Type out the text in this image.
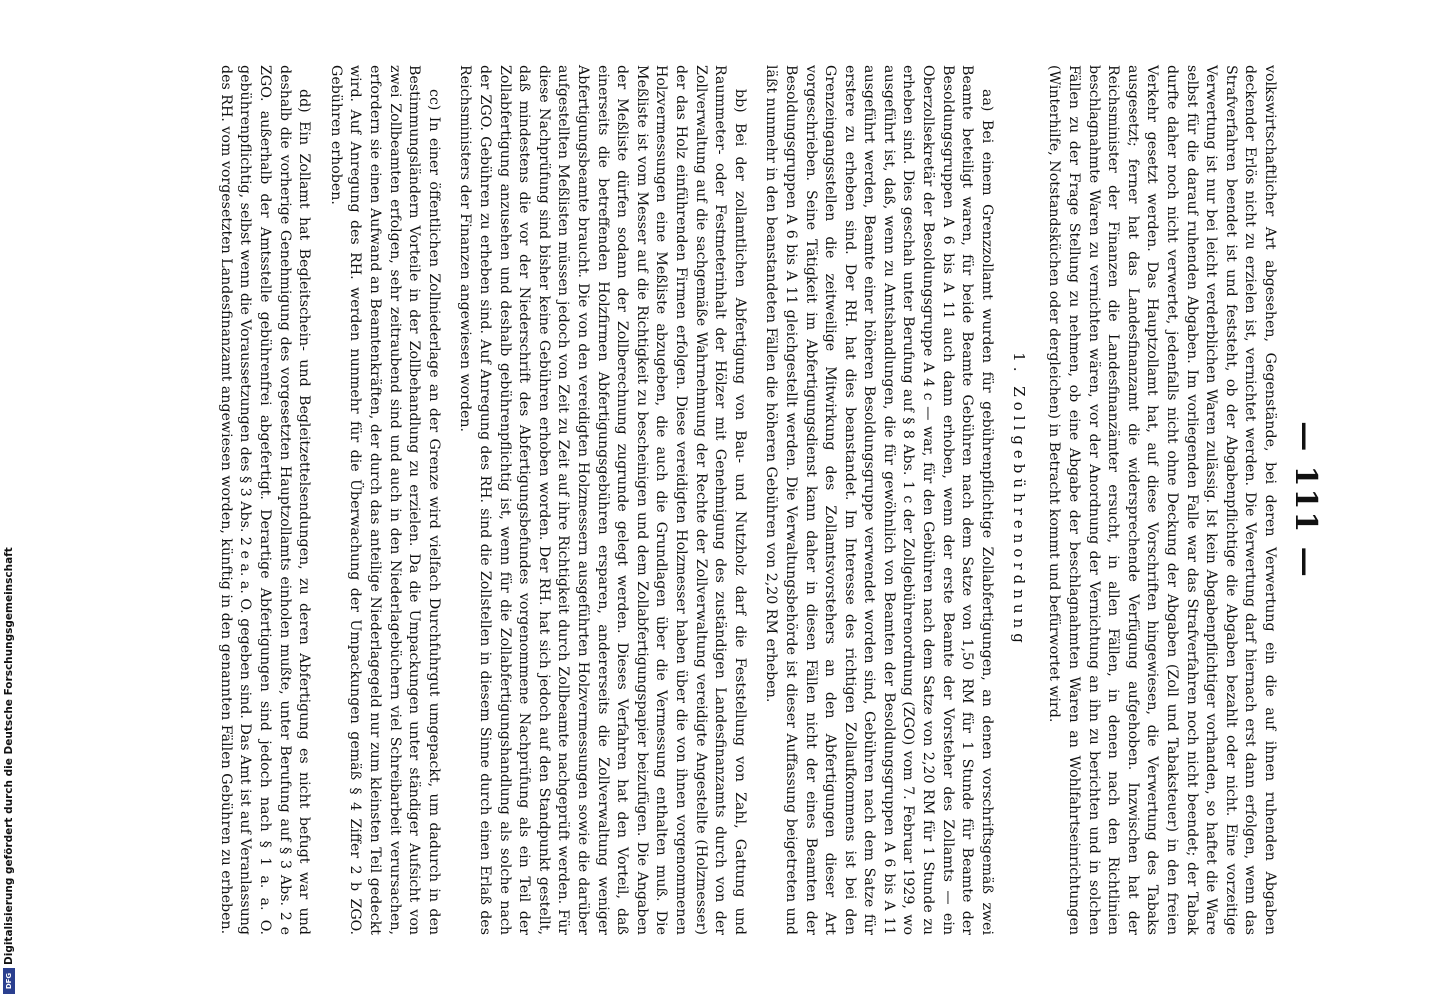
— 111 —

volkswirtschaftlicher Art abgesehen, Gegenstände, bei deren Verwertung ein die auf ihnen ruhenden Abgaben deckender Erlös nicht zu erzielen ist, vernichtet werden. Die Verwertung darf hiernach erst dann erfolgen, wenn das Strafverfahren beendet ist und feststeht, ob der Abgabenpflichtige die Abgaben bezahlt oder nicht. Eine vorzeitige Verwertung ist nur bei leicht verderblichen Waren zulässig. Ist kein Abgabenpflichtiger vorhanden, so haftet die Ware selbst für die darauf ruhenden Abgaben. Im vorliegenden Falle war das Strafverfahren noch nicht beendet; der Tabak durfte daher noch nicht verwertet, jedenfalls nicht ohne Deckung der Abgaben (Zoll und Tabaksteuer) in den freien Verkehr gesetzt werden. Das Hauptzollamt hat, auf diese Vorschriften hingewiesen, die Verwertung des Tabaks ausgesetzt; ferner hat das Landesfinanzamt die widersprechende Verfügung aufgehoben. Inzwischen hat der Reichsminister der Finanzen die Landesfinanzämter ersucht, in allen Fällen, in denen nach den Richtlinien beschlagnahmte Waren zu vernichten wären, vor der Anordnung der Vernichtung an ihn zu berichten und in solchen Fällen zu der Frage Stellung zu nehmen, ob eine Abgabe der beschlagnahmten Waren an Wohlfahrtseinrichtungen (Winterhilfe, Notstandsküchen oder dergleichen) in Betracht kommt und befürwortet wird.

1. Zollgebührenordnung

aa) Bei einem Grenzzollamt wurden für gebührenpflichtige Zollabfertigungen, an denen vorschriftsgemäß zwei Beamte beteiligt waren, für beide Beamte Gebühren nach dem Satze von 1,50 RM für 1 Stunde für Beamte der Besoldungsgruppen A 6 bis A 11 auch dann erhoben, wenn der erste Beamte der Vorsteher des Zollamts — ein Oberzollsekretär der Besoldungsgruppe A 4 c — war, für den Gebühren nach dem Satze von 2,20 RM für 1 Stunde zu erheben sind. Dies geschah unter Berufung auf § 8 Abs. 1 c der Zollgebührenordnung (ZGO) vom 7. Februar 1929, wo ausgeführt ist, daß, wenn zu Amtshandlungen, die für gewöhnlich von Beamten der Besoldungsgruppen A 6 bis A 11 ausgeführt werden, Beamte einer höheren Besoldungsgruppe verwendet worden sind, Gebühren nach dem Satze für erstere zu erheben sind. Der RH. hat dies beanstandet. Im Interesse des richtigen Zollaufkommens ist bei den Grenzeingangsstellen die zeitweilige Mitwirkung des Zollamtsvorstehers an den Abfertigungen dieser Art vorgeschrieben. Seine Tätigkeit im Abfertigungsdienst kann daher in diesen Fällen nicht der eines Beamten der Besoldungsgruppen A 6 bis A 11 gleichgestellt werden. Die Verwaltungsbehörde ist dieser Auffassung beigetreten und läßt nunmehr in den beanstandeten Fällen die höheren Gebühren von 2,20 RM erheben.

bb) Bei der zollamtlichen Abfertigung von Bau- und Nutzholz darf die Feststellung von Zahl, Gattung und Raummeter- oder Festmeterinhalt der Hölzer mit Genehmigung des zuständigen Landesfinanzamts durch von der Zollverwaltung auf die sachgemäße Wahrnehmung der Rechte der Zollverwaltung vereidigte Angestellte (Holzmesser) der das Holz einführenden Firmen erfolgen. Diese vereidigten Holzmesser haben über die von ihnen vorgenommenen Holzvermessungen eine Meßliste abzugeben, die auch die Grundlagen über die Vermessung enthalten muß. Die Meßliste ist vom Messer auf die Richtigkeit zu bescheinigen und dem Zollabfertigungspapier beizufügen. Die Angaben der Meßliste dürfen sodann der Zollberechnung zugrunde gelegt werden. Dieses Verfahren hat den Vorteil, daß einerseits die betreffenden Holzfirmen Abfertigungsgebühren ersparen, andererseits die Zollverwaltung weniger Abfertigungsbeamte braucht. Die von den vereidigten Holzmessern ausgeführten Holzvermessungen sowie die darüber aufgestellten Meßlisten müssen jedoch von Zeit zu Zeit auf ihre Richtigkeit durch Zollbeamte nachgeprüft werden. Für diese Nachprüfung sind bisher keine Gebühren erhoben worden. Der RH. hat sich jedoch auf den Standpunkt gestellt, daß mindestens die vor der Niederschrift des Abfertigungsbefundes vorgenommene Nachprüfung als ein Teil der Zollabfertigung anzusehen und deshalb gebührenpflichtig ist, wenn für die Zollabfertigungshandlung als solche nach der ZGO. Gebühren zu erheben sind. Auf Anregung des RH. sind die Zollstellen in diesem Sinne durch einen Erlaß des Reichsministers der Finanzen angewiesen worden.

cc) In einer öffentlichen Zollniederlage an der Grenze wird vielfach Durchfuhrgut umgepackt, um dadurch in den Bestimmungsländern Vorteile in der Zollbehandlung zu erzielen. Da die Umpackungen unter ständiger Aufsicht von zwei Zollbeamten erfolgen, sehr zeitraubend sind und auch in den Niederlagebüchern viel Schreibarbeit verursachen, erfordern sie einen Aufwand an Beamtenkräften, der durch das anteilige Niederlagegeld nur zum kleinsten Teil gedeckt wird. Auf Anregung des RH. werden nunmehr für die Überwachung der Umpackungen gemäß § 4 Ziffer 2 b ZGO. Gebühren erhoben.

dd) Ein Zollamt hat Begleitschein- und Begleitzettelsendungen, zu deren Abfertigung es nicht befugt war und deshalb die vorherige Genehmigung des vorgesetzten Hauptzollamts einholen mußte, unter Berufung auf § 3 Abs. 2 e ZGO. außerhalb der Amtsstelle gebührenfrei abgefertigt. Derartige Abfertigungen sind jedoch nach § 1 a. a. O. gebührenpflichtig, selbst wenn die Voraussetzungen des § 3 Abs. 2 e a. a. O. gegeben sind. Das Amt ist auf Veranlassung des RH. vom vorgesetzten Landesfinanzamt angewiesen worden, künftig in den genannten Fällen Gebühren zu erheben.

Digitalisierung gefördert durch die Deutsche Forschungsgemeinschaft
DFG
